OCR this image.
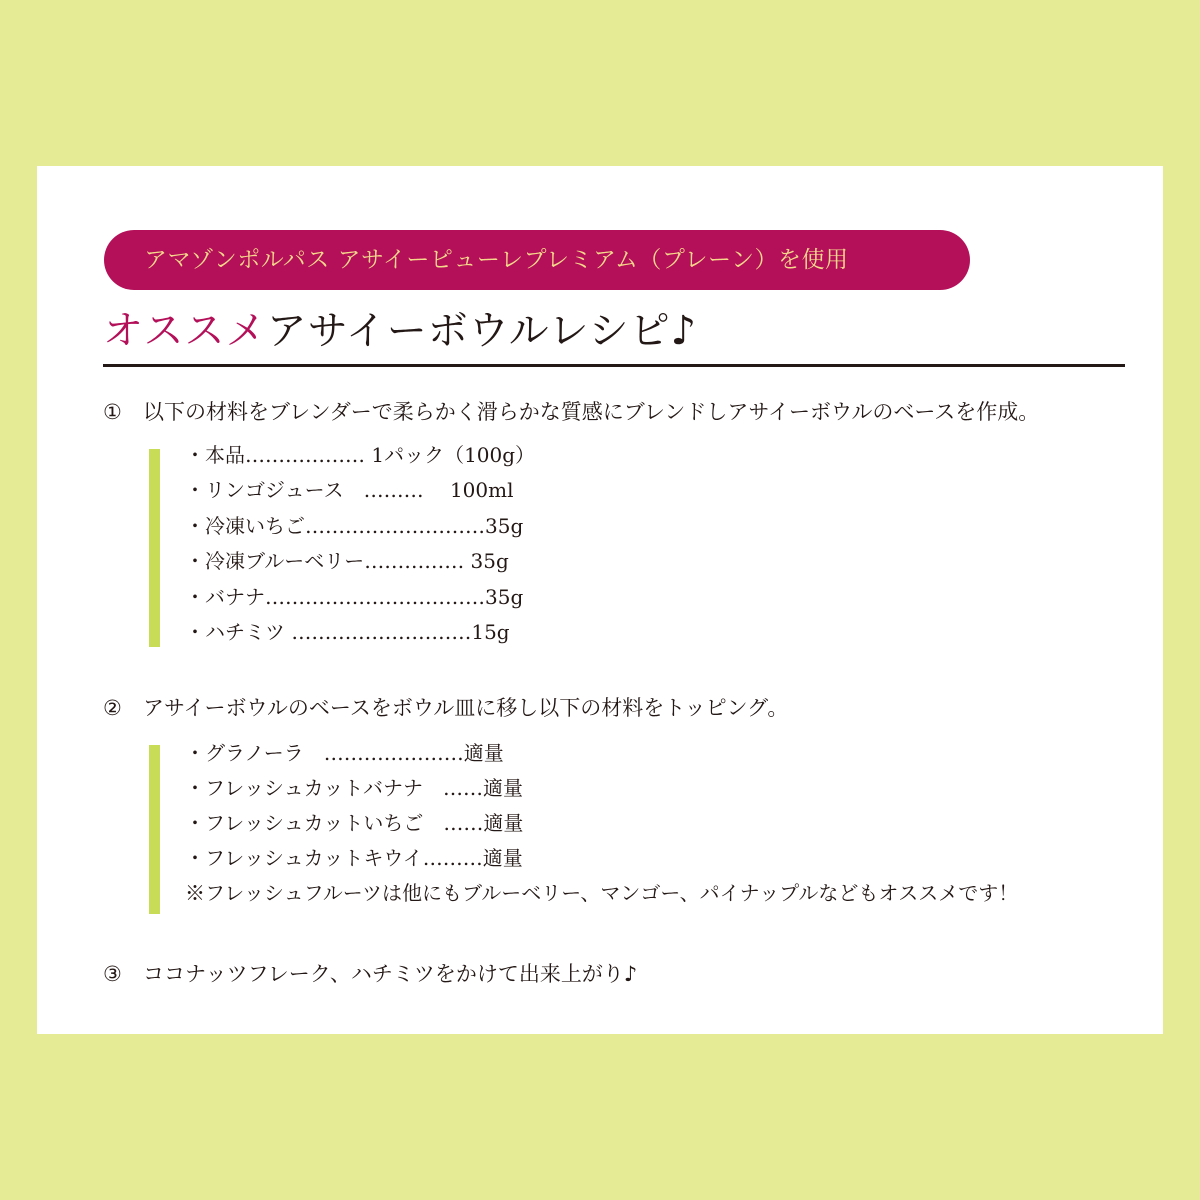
アマゾンポルパス アサイーピューレプレミアム（プレーン）を使用
オススメアサイーボウルレシピ♪
① 以下の材料をブレンダーで柔らかく滑らかな質感にブレンドしアサイーボウルのベースを作成。
・本品……………… 1パック（100g）
・リンゴジュース　……… 　100ml
・冷凍いちご………………………35g
・冷凍ブルーベリー…………… 35g
・バナナ……………………………35g
・ハチミツ ………………………15g
② アサイーボウルのベースをボウル皿に移し以下の材料をトッピング。
・グラノーラ　…………………適量
・フレッシュカットバナナ　……適量
・フレッシュカットいちご　……適量
・フレッシュカットキウイ………適量
※フレッシュフルーツは他にもブルーベリー、マンゴー、パイナップルなどもオススメです！
③ ココナッツフレーク、ハチミツをかけて出来上がり♪
